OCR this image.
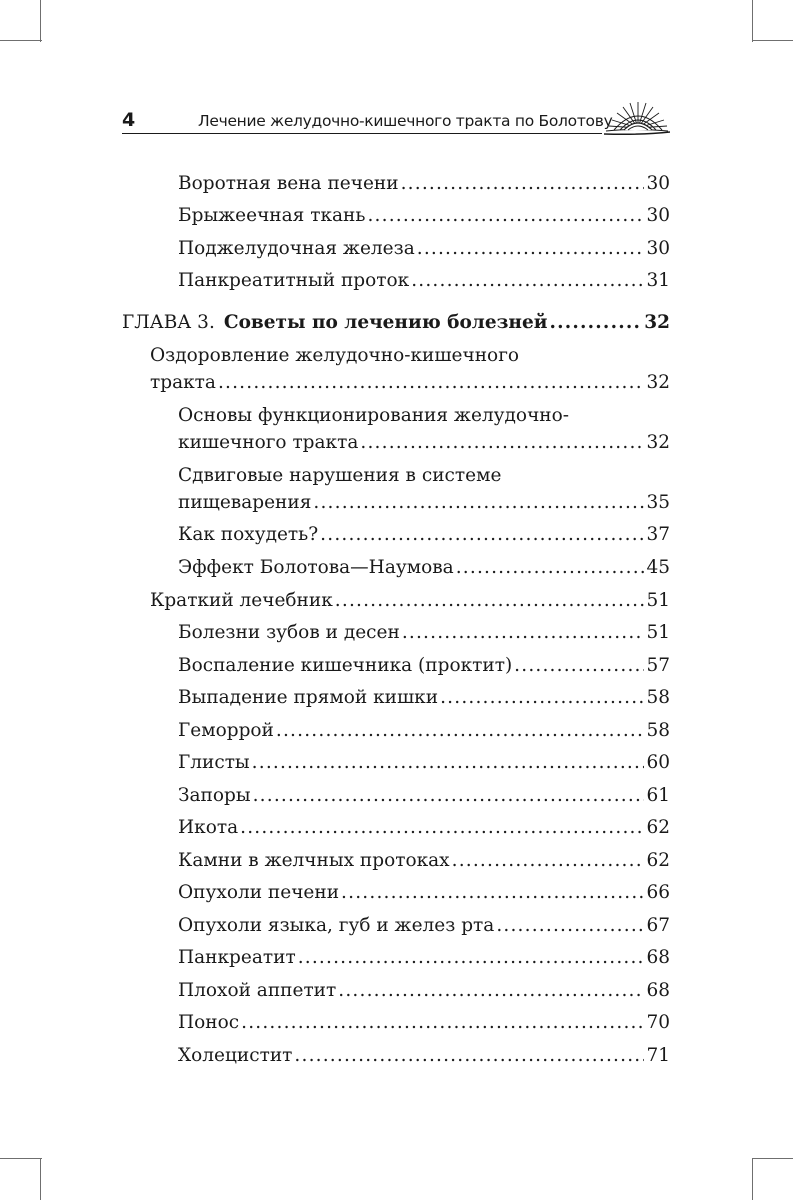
4	Лечение желудочно-кишечного тракта по Болотову
Воротная вена печени .....	30
Брыжеечная ткань .....	30
Поджелудочная железа .....	30
Панкреатитный проток .....	31
ГЛАВА 3. Советы по лечению болезней .....	32
Оздоровление желудочно-кишечного
тракта .....	32
Основы функционирования желудочно-
кишечного тракта .....	32
Сдвиговые нарушения в системе
пищеварения .....	35
Как похудеть? .....	37
Эффект Болотова—Наумова .....	45
Краткий лечебник .....	51
Болезни зубов и десен .....	51
Воспаление кишечника (проктит) .....	57
Выпадение прямой кишки .....	58
Геморрой .....	58
Глисты .....	60
Запоры .....	61
Икота .....	62
Камни в желчных протоках .....	62
Опухоли печени .....	66
Опухоли языка, губ и желез рта .....	67
Панкреатит .....	68
Плохой аппетит .....	68
Понос .....	70
Холецистит .....	71
